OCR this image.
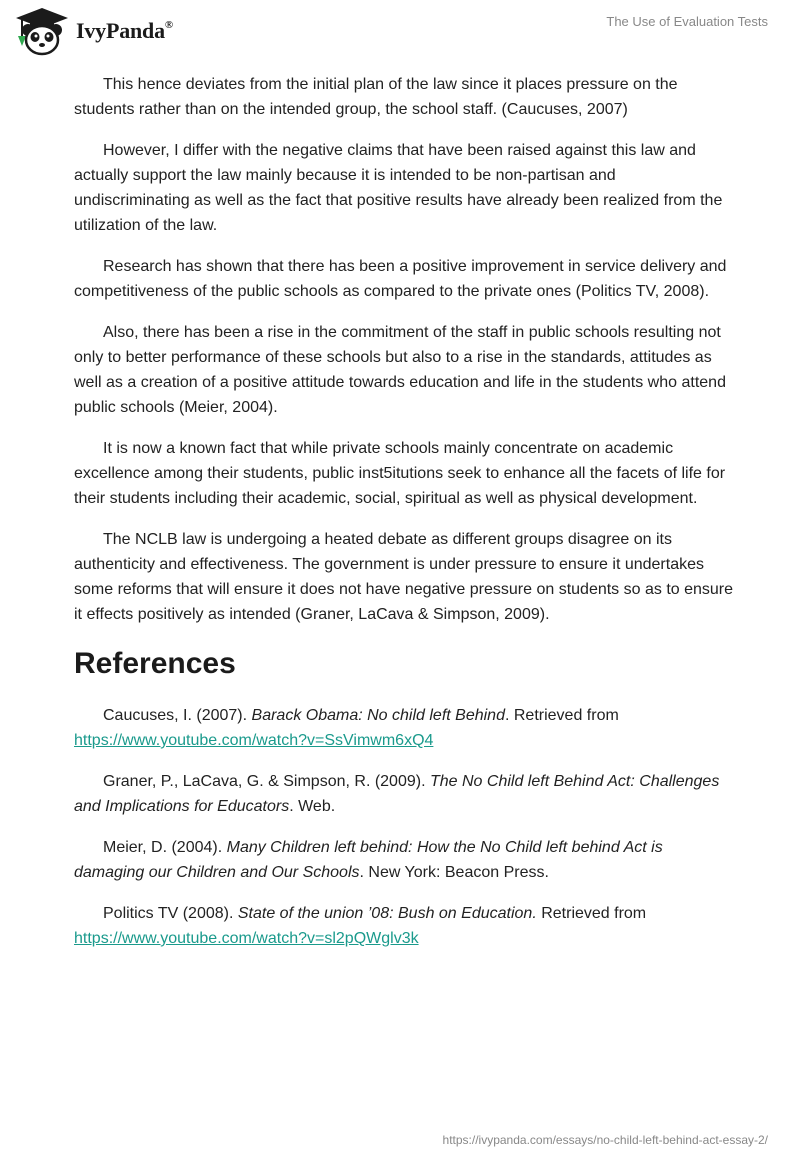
IvyPanda®	The Use of Evaluation Tests

This hence deviates from the initial plan of the law since it places pressure on the students rather than on the intended group, the school staff. (Caucuses, 2007)

However, I differ with the negative claims that have been raised against this law and actually support the law mainly because it is intended to be non-partisan and undiscriminating as well as the fact that positive results have already been realized from the utilization of the law.

Research has shown that there has been a positive improvement in service delivery and competitiveness of the public schools as compared to the private ones (Politics TV, 2008).

Also, there has been a rise in the commitment of the staff in public schools resulting not only to better performance of these schools but also to a rise in the standards, attitudes as well as a creation of a positive attitude towards education and life in the students who attend public schools (Meier, 2004).

It is now a known fact that while private schools mainly concentrate on academic excellence among their students, public inst5itutions seek to enhance all the facets of life for their students including their academic, social, spiritual as well as physical development.

The NCLB law is undergoing a heated debate as different groups disagree on its authenticity and effectiveness. The government is under pressure to ensure it undertakes some reforms that will ensure it does not have negative pressure on students so as to ensure it effects positively as intended (Graner, LaCava & Simpson, 2009).

References

Caucuses, I. (2007). Barack Obama: No child left Behind. Retrieved from https://www.youtube.com/watch?v=SsVimwm6xQ4

Graner, P., LaCava, G. & Simpson, R. (2009). The No Child left Behind Act: Challenges and Implications for Educators. Web.

Meier, D. (2004). Many Children left behind: How the No Child left behind Act is damaging our Children and Our Schools. New York: Beacon Press.

Politics TV (2008). State of the union ’08: Bush on Education. Retrieved from https://www.youtube.com/watch?v=sl2pQWglv3k

https://ivypanda.com/essays/no-child-left-behind-act-essay-2/
